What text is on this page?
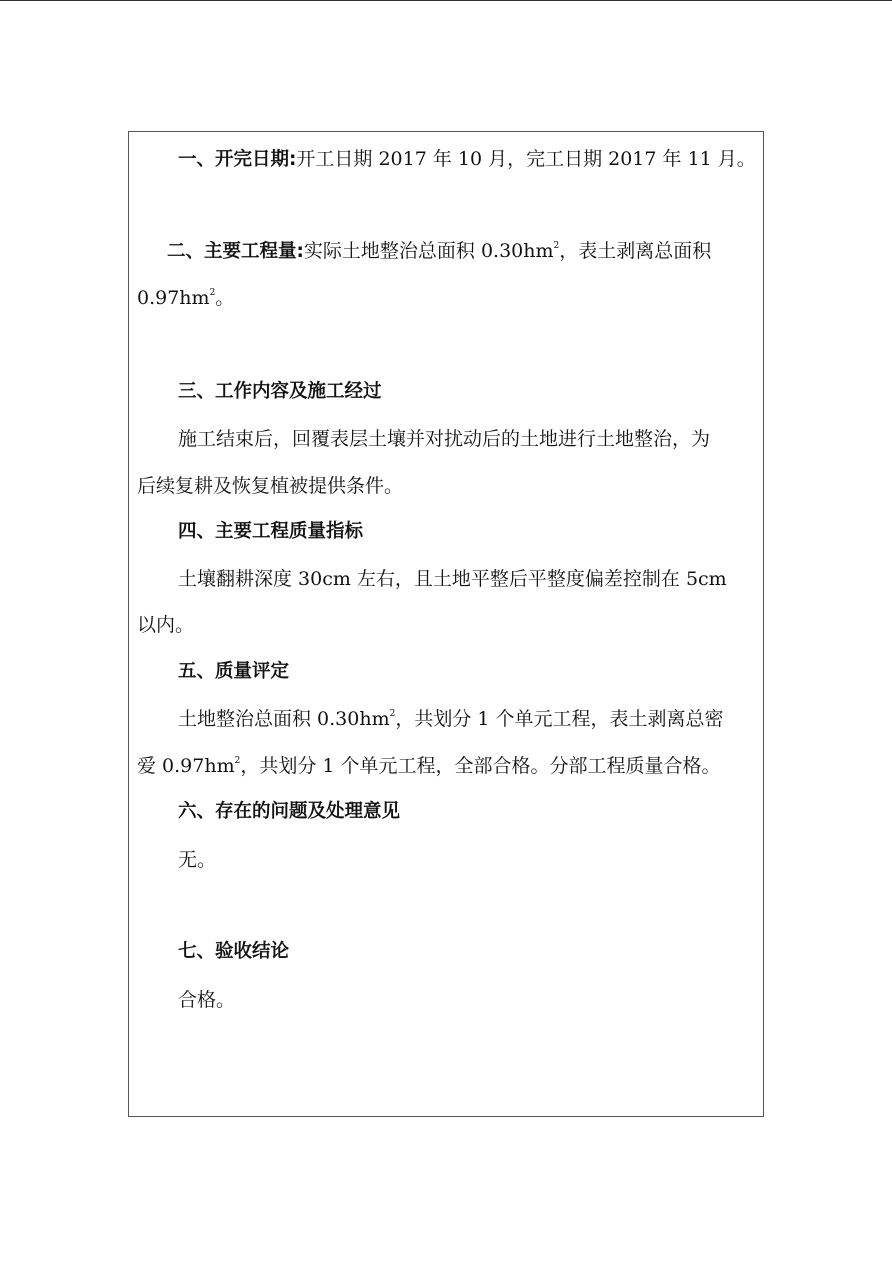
一、开完日期:开工日期 2017 年 10 月，完工日期 2017 年 11 月。
二、主要工程量:实际土地整治总面积 $0.30hm^2$，表土剥离总面积
$0.97hm^2$。
三、工作内容及施工经过
施工结束后，回覆表层土壤并对扰动后的土地进行土地整治，为
后续复耕及恢复植被提供条件。
四、主要工程质量指标
土壤翻耕深度 30cm 左右，且土地平整后平整度偏差控制在 5cm
以内。
五、质量评定
土地整治总面积 $0.30hm^2$，共划分 1 个单元工程，表土剥离总密
爱 $0.97hm^2$，共划分 1 个单元工程，全部合格。分部工程质量合格。
六、存在的问题及处理意见
无。
七、验收结论
合格。
